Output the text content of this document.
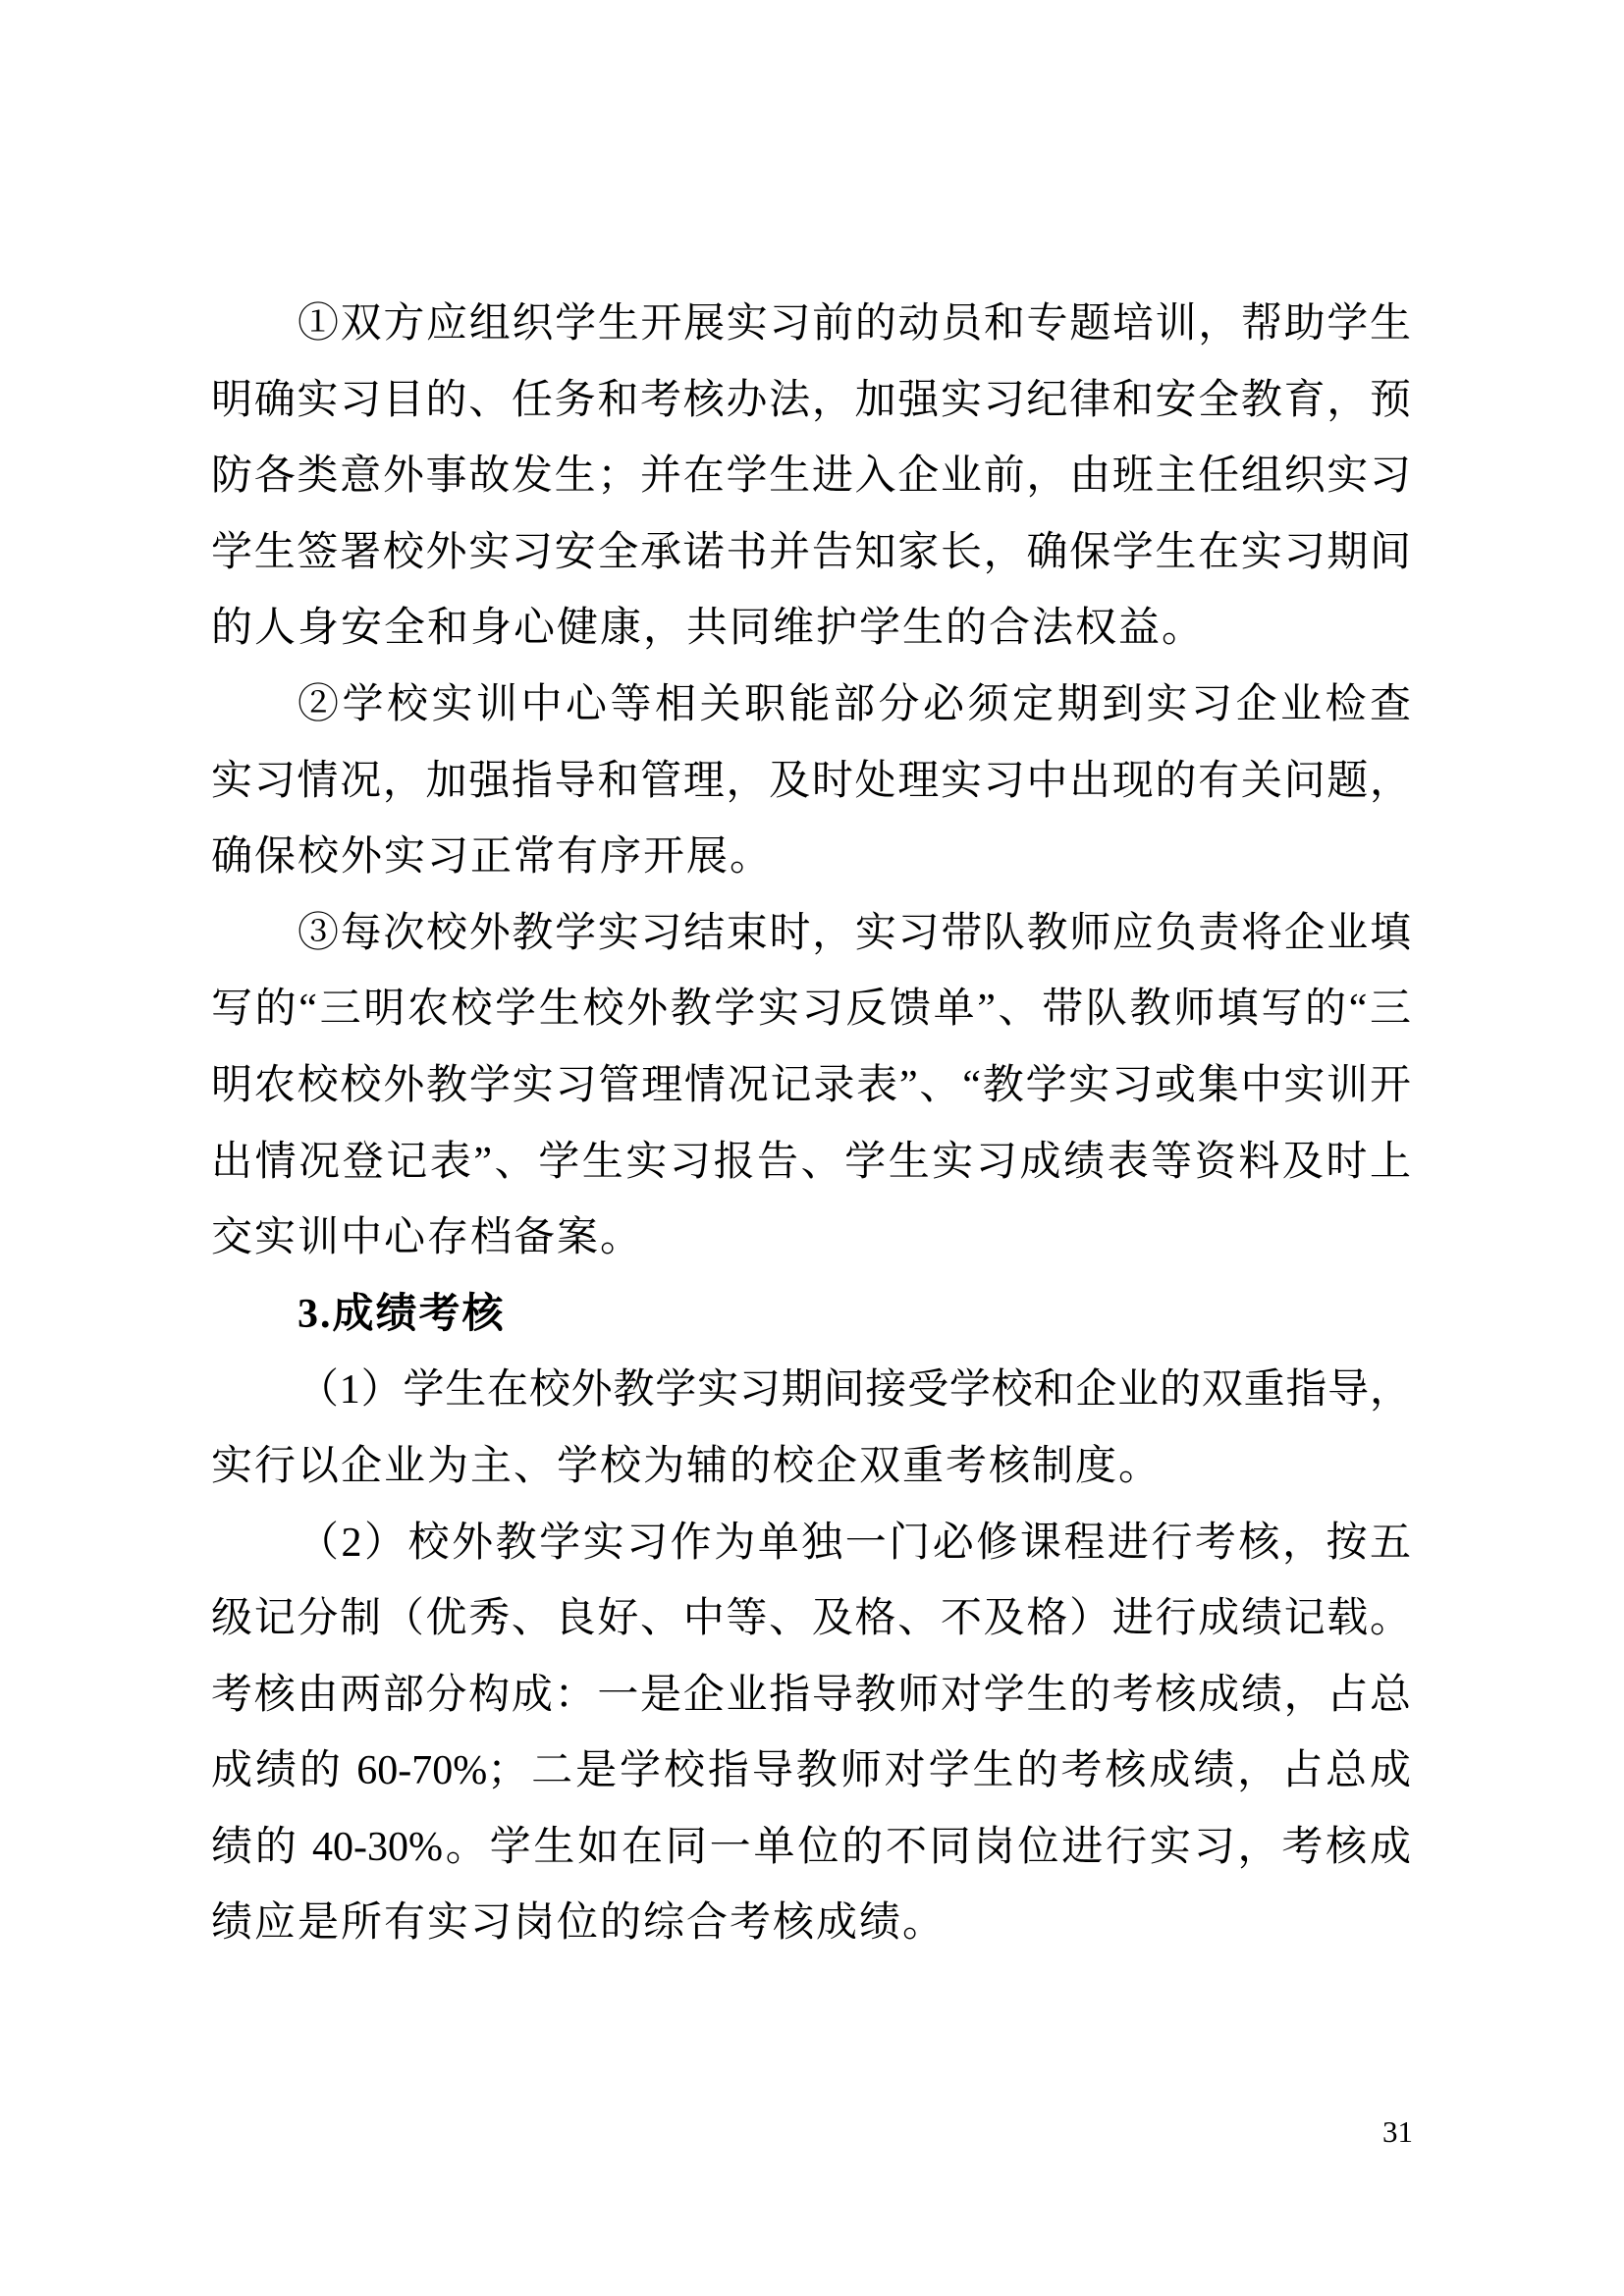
①双方应组织学生开展实习前的动员和专题培训，帮助学生
明确实习目的、任务和考核办法，加强实习纪律和安全教育，预
防各类意外事故发生；并在学生进入企业前，由班主任组织实习
学生签署校外实习安全承诺书并告知家长，确保学生在实习期间
的人身安全和身心健康，共同维护学生的合法权益。
②学校实训中心等相关职能部分必须定期到实习企业检查
实习情况，加强指导和管理，及时处理实习中出现的有关问题，
确保校外实习正常有序开展。
③每次校外教学实习结束时，实习带队教师应负责将企业填
写的“三明农校学生校外教学实习反馈单”、带队教师填写的“三
明农校校外教学实习管理情况记录表”、“教学实习或集中实训开
出情况登记表”、学生实习报告、学生实习成绩表等资料及时上
交实训中心存档备案。
3.成绩考核
（1）学生在校外教学实习期间接受学校和企业的双重指导，
实行以企业为主、学校为辅的校企双重考核制度。
（2）校外教学实习作为单独一门必修课程进行考核，按五
级记分制（优秀、良好、中等、及格、不及格）进行成绩记载。
考核由两部分构成：一是企业指导教师对学生的考核成绩，占总
成绩的 60-70%；二是学校指导教师对学生的考核成绩，占总成
绩的 40-30%。学生如在同一单位的不同岗位进行实习，考核成
绩应是所有实习岗位的综合考核成绩。
31
